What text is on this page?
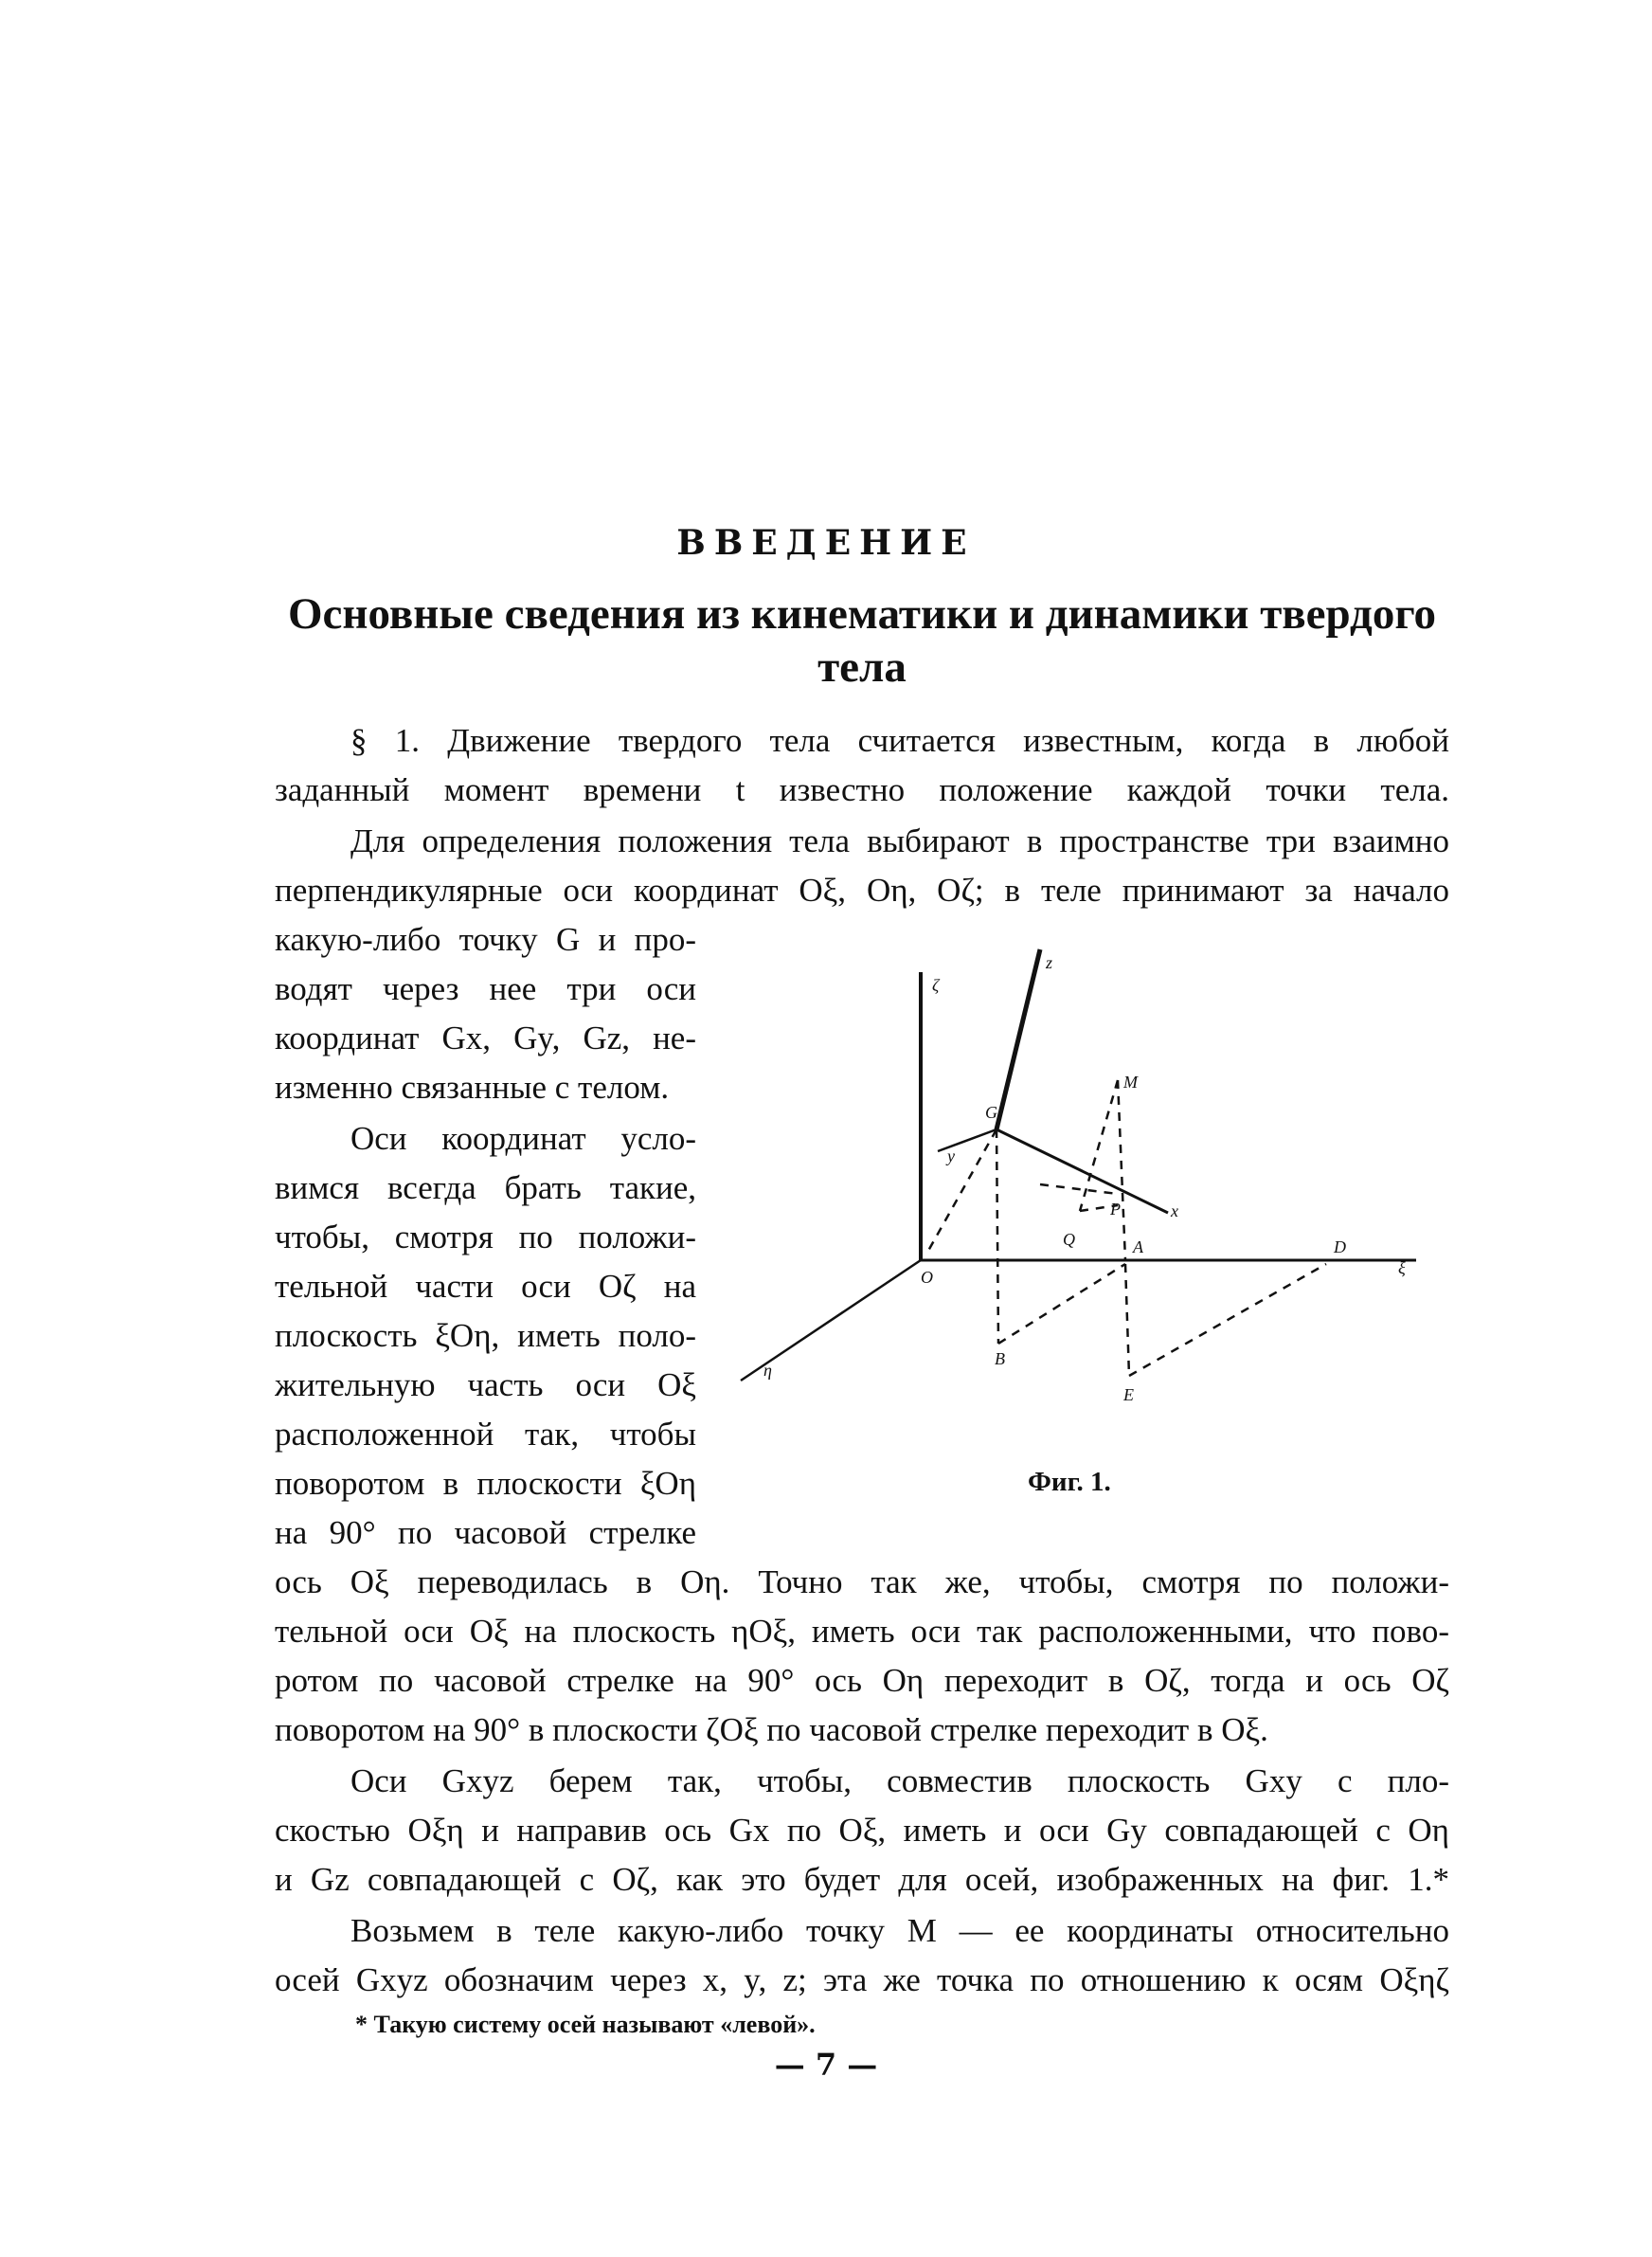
ВВЕДЕНИЕ
Основные сведения из кинематики и динамики твердого тела
§ 1. Движение твердого тела считается известным, когда в любой
заданный момент времени t известно положение каждой точки тела.
Для определения положения тела выбирают в пространстве три взаимно
перпендикулярные оси координат Oξ, Oη, Oζ; в теле принимают за начало
какую-либо точку G и про-
водят через нее три оси
координат Gx, Gy, Gz, не-
изменно связанные с телом.
Оси координат усло-
вимся всегда брать такие,
чтобы, смотря по положи-
тельной части оси Oζ на
плоскость ξOη, иметь поло-
жительную часть оси Oξ
расположенной так, чтобы
поворотом в плоскости ξOη
на 90° по часовой стрелке
ось Oξ переводилась в Oη. Точно так же, чтобы, смотря по положи-
тельной оси Oξ на плоскость ηOξ, иметь оси так расположенными, что пово-
ротом по часовой стрелке на 90° ось Oη переходит в Oζ, тогда и ось Oζ
поворотом на 90° в плоскости ζOξ по часовой стрелке переходит в Oξ.
Оси Gxyz берем так, чтобы, совместив плоскость Gxy с пло-
скостью Oξη и направив ось Gx по Oξ, иметь и оси Gy совпадающей с Oη
и Gz совпадающей с Oζ, как это будет для осей, изображенных на фиг. 1.*
Возьмем в теле какую-либо точку M — ее координаты относительно
осей Gxyz обозначим через x, y, z; эта же точка по отношению к осям Oξηζ
ζ
z
M
G
y
x
P
Q	A
O
D
ξ
η
B
E
Фиг. 1.
* Такую систему осей называют «левой».
— 7 —
